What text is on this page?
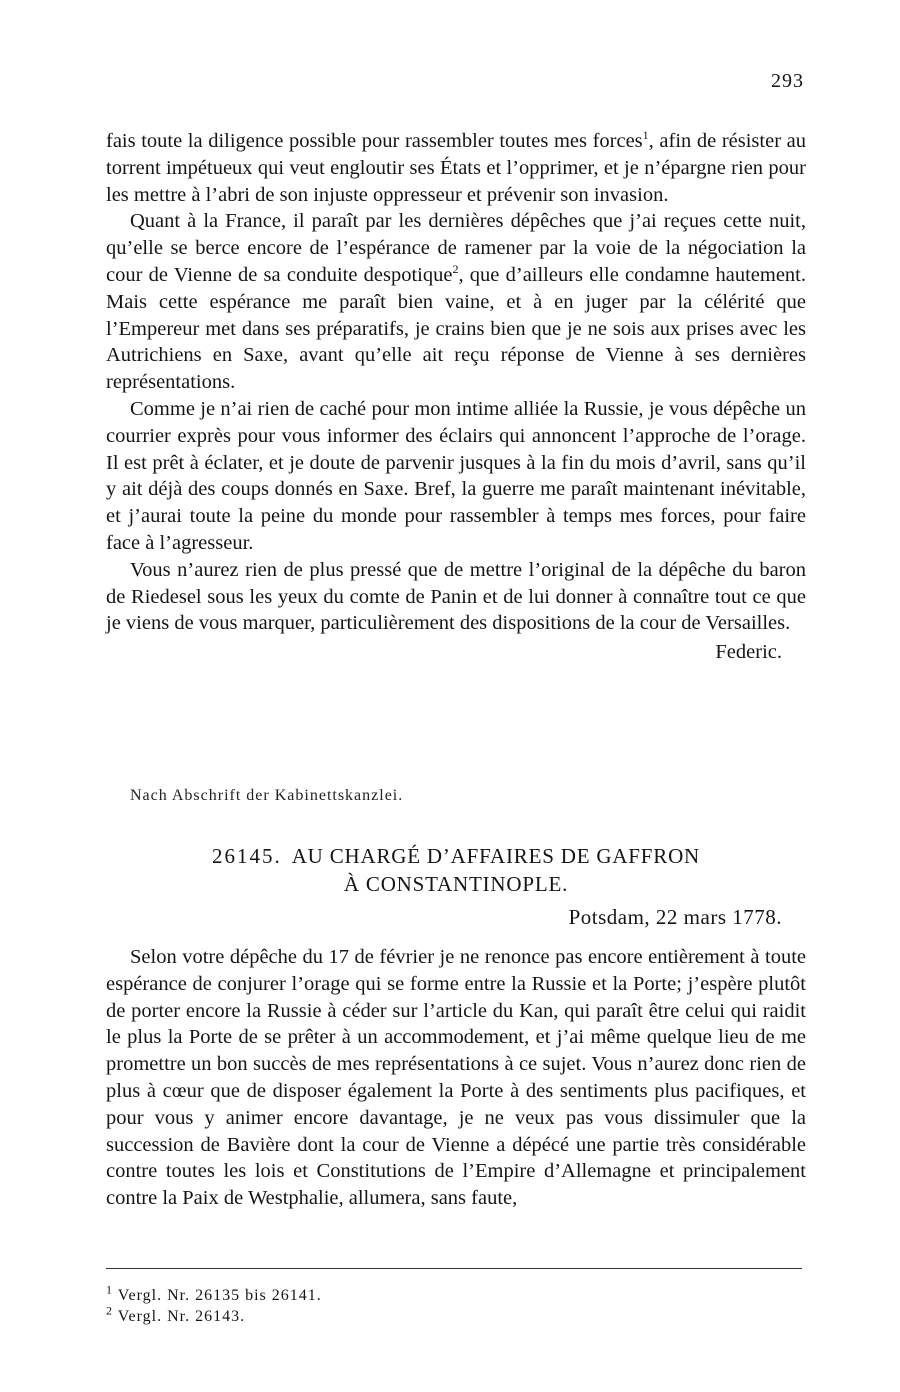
293

fais toute la diligence possible pour rassembler toutes mes forces$^1$, afin de résister au torrent impétueux qui veut engloutir ses États et l’opprimer, et je n’épargne rien pour les mettre à l’abri de son injuste oppresseur et prévenir son invasion.

Quant à la France, il paraît par les dernières dépêches que j’ai reçues cette nuit, qu’elle se berce encore de l’espérance de ramener par la voie de la négociation la cour de Vienne de sa conduite despotique$^2$, que d’ailleurs elle condamne hautement. Mais cette espérance me paraît bien vaine, et à en juger par la célérité que l’Empereur met dans ses préparatifs, je crains bien que je ne sois aux prises avec les Autrichiens en Saxe, avant qu’elle ait reçu réponse de Vienne à ses dernières représentations.

Comme je n’ai rien de caché pour mon intime alliée la Russie, je vous dépêche un courrier exprès pour vous informer des éclairs qui annoncent l’approche de l’orage. Il est prêt à éclater, et je doute de parvenir jusques à la fin du mois d’avril, sans qu’il y ait déjà des coups donnés en Saxe. Bref, la guerre me paraît maintenant inévitable, et j’aurai toute la peine du monde pour rassembler à temps mes forces, pour faire face à l’agresseur.

Vous n’aurez rien de plus pressé que de mettre l’original de la dépêche du baron de Riedesel sous les yeux du comte de Panin et de lui donner à connaître tout ce que je viens de vous marquer, particulièrement des dispositions de la cour de Versailles.

Federic.
Nach Abschrift der Kabinettskanzlei.
26145. AU CHARGÉ D’AFFAIRES DE GAFFRON
À CONSTANTINOPLE.
Potsdam, 22 mars 1778.

Selon votre dépêche du 17 de février je ne renonce pas encore entièrement à toute espérance de conjurer l’orage qui se forme entre la Russie et la Porte; j’espère plutôt de porter encore la Russie à céder sur l’article du Kan, qui paraît être celui qui raidit le plus la Porte de se prêter à un accommodement, et j’ai même quelque lieu de me promettre un bon succès de mes représentations à ce sujet. Vous n’aurez donc rien de plus à cœur que de disposer également la Porte à des sentiments plus pacifiques, et pour vous y animer encore davantage, je ne veux pas vous dissimuler que la succession de Bavière dont la cour de Vienne a dépécé une partie très considérable contre toutes les lois et Constitutions de l’Empire d’Allemagne et principalement contre la Paix de Westphalie, allumera, sans faute,

$^1$ Vergl. Nr. 26135 bis 26141.
$^2$ Vergl. Nr. 26143.
